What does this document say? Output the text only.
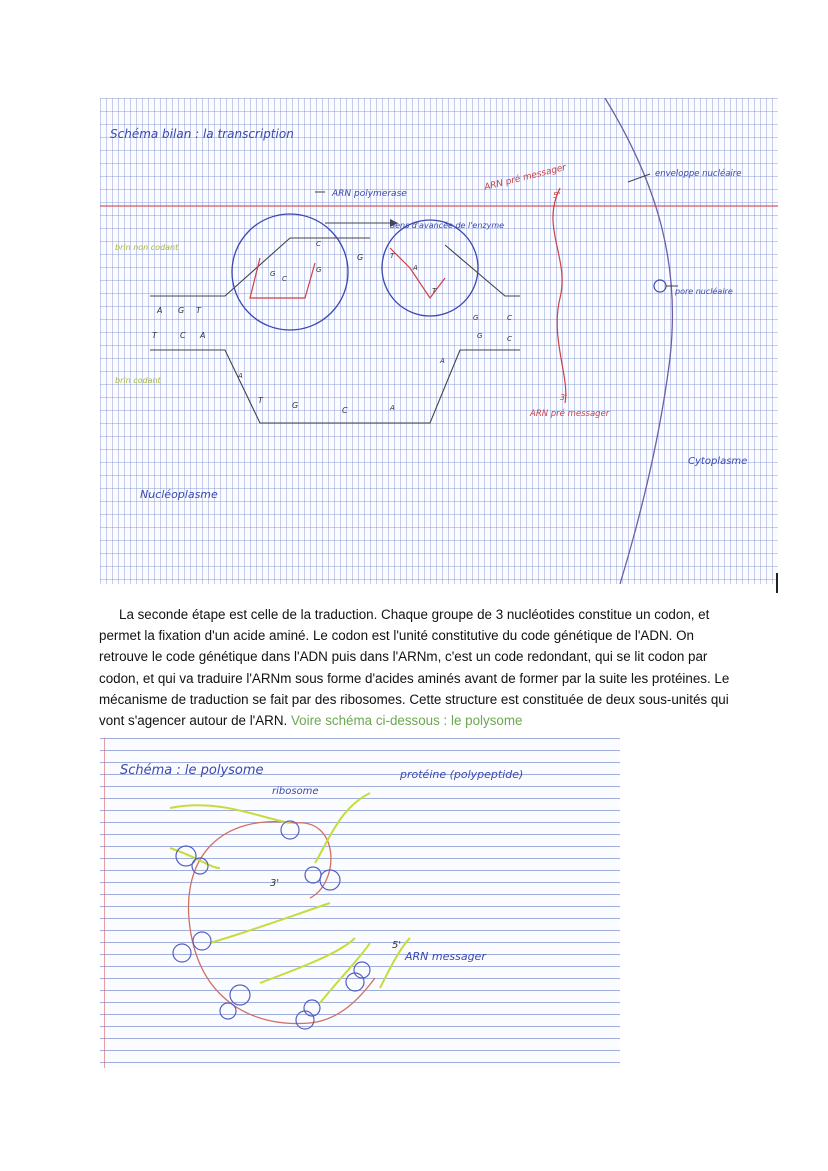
Schéma bilan : la transcription
ARN polymerase
ARN pré messager
5'
enveloppe nucléaire
Sens d'avancée de l'enzyme
pore nucléaire
brin non codant
brin codant
3'
ARN pré messager
Cytoplasme
Nucléoplasme
A G T
T	C A
A
T
G
C	A
C
G
G	T
A
T
G	C
G	C
C
G
A

La seconde étape est celle de la traduction. Chaque groupe de 3 nucléotides constitue un codon, et permet la fixation d'un acide aminé. Le codon est l'unité constitutive du code génétique de l'ADN. On retrouve le code génétique dans l'ADN puis dans l'ARNm, c'est un code redondant, qui se lit codon par codon, et qui va traduire l'ARNm sous forme d'acides aminés avant de former par la suite les protéines. Le mécanisme de traduction se fait par des ribosomes. Cette structure est constituée de deux sous-unités qui vont s'agencer autour de l'ARN. Voire schéma ci-dessous : le polysome

Schéma : le polysome
ribosome
protéine (polypeptide)
3'
5'
ARN messager
